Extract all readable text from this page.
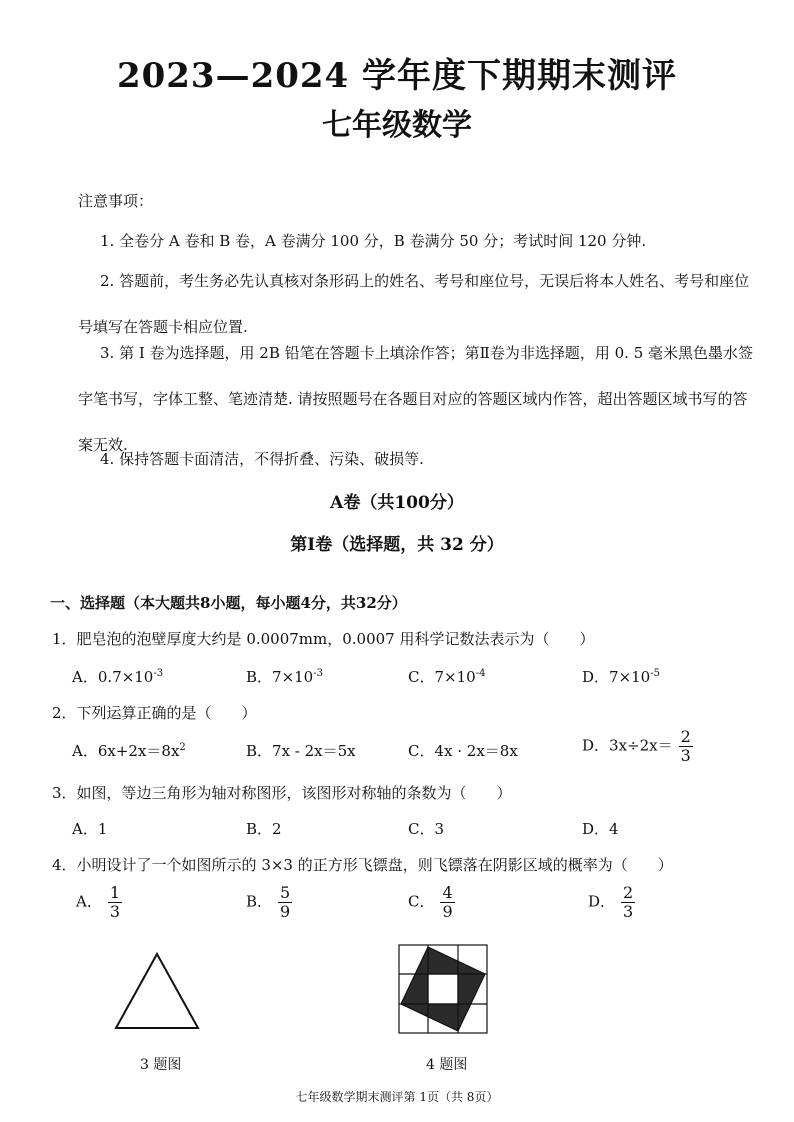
2023—2024 学年度下期期末测评
七年级数学
注意事项：
1. 全卷分 A 卷和 B 卷，A 卷满分 100 分，B 卷满分 50 分；考试时间 120 分钟.
2. 答题前，考生务必先认真核对条形码上的姓名、考号和座位号，无误后将本人姓名、考号和座位号填写在答题卡相应位置.
3. 第 Ⅰ 卷为选择题，用 2B 铅笔在答题卡上填涂作答；第Ⅱ卷为非选择题，用 0. 5 毫米黑色墨水签字笔书写，字体工整、笔迹清楚. 请按照题号在各题目对应的答题区域内作答，超出答题区域书写的答案无效.
4. 保持答题卡面清洁，不得折叠、污染、破损等.
A卷（共100分）
第Ⅰ卷（选择题，共 32 分）
一、选择题（本大题共8小题，每小题4分，共32分）
1．肥皂泡的泡壁厚度大约是 0.0007mm，0.0007 用科学记数法表示为（　　）
A．$0.7\times 10^{-3}$	B．$7\times 10^{-3}$	C．$7\times 10^{-4}$	D．$7\times 10^{-5}$
2．下列运算正确的是（　　）
A．$6x+2x=8x^2$	B．7x - 2x＝5x	C．4x · 2x＝8x	D．$3x\div 2x= \frac{2}{3}$
3．如图，等边三角形为轴对称图形，该图形对称轴的条数为（　　）
A．1	B．2	C．3	D．4
4．小明设计了一个如图所示的 3×3 的正方形飞镖盘，则飞镖落在阴影区域的概率为（　　）
A． $\frac{1}{3}$	B． $\frac{5}{9}$	C． $\frac{4}{9}$	D． $\frac{2}{3}$
3 题图	4 题图
七年级数学期末测评第 1页（共 8页）
